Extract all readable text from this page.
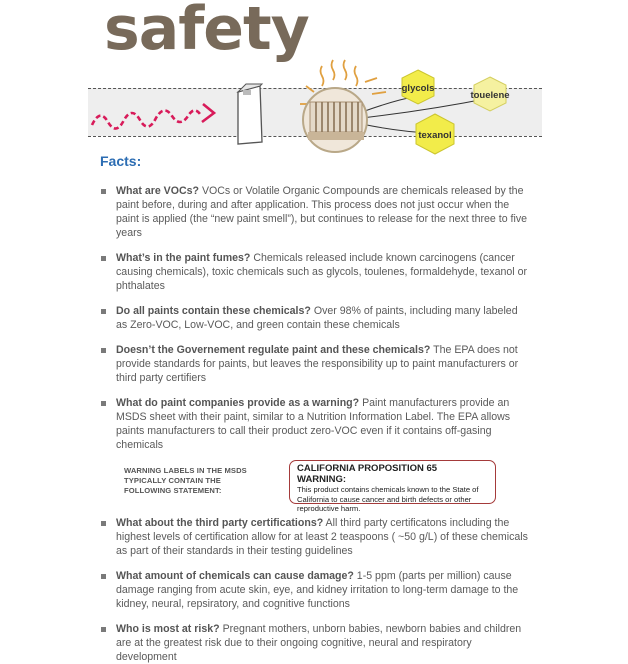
safety
glycols
touelene
texanol
Facts:
What are VOCs? VOCs or Volatile Organic Compounds are chemicals released by the paint before, during and after application. This process does not just occur when the paint is applied (the “new paint smell”), but continues to release for the next three to five years
What’s in the paint fumes? Chemicals released include known carcinogens (cancer causing chemicals), toxic chemicals such as glycols, toulenes, formaldehyde, texanol or phthalates
Do all paints contain these chemicals? Over 98% of paints, including many labeled as Zero-VOC, Low-VOC, and green contain these chemicals
Doesn’t the Governement regulate paint and these chemicals? The EPA does not provide standards for paints, but leaves the responsibility up to paint manufacturers or third party certifiers
What do paint companies provide as a warning? Paint manufacturers provide an MSDS sheet with their paint, similar to a Nutrition Information Label. The EPA allows paints manufacturers to call their product zero-VOC even if it contains off-gasing chemicals
WARNING LABELS IN THE MSDS TYPICALLY CONTAIN THE FOLLOWING STATEMENT:
CALIFORNIA PROPOSITION 65 WARNING:
This product contains chemicals known to the State of California to cause cancer and birth defects or other reproductive harm.
What about the third party certifications? All third party certificatons including the highest levels of certification allow for at least 2 teaspoons ( ~50 g/L) of these chemicals as part of their standards in their testing guidelines
What amount of chemicals can cause damage? 1-5 ppm (parts per million) cause damage ranging from acute skin, eye, and kidney irritation to long-term damage to the kidney, neural, repsiratory, and cognitive functions
Who is most at risk? Pregnant mothers, unborn babies, newborn babies and children are at the greatest risk due to their ongoing cognitive, neural and respiratory development
